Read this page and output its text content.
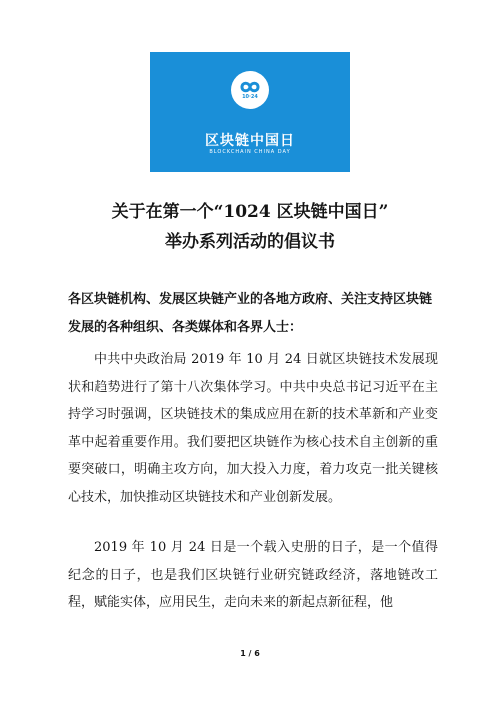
10·24
区块链中国日
BLOCKCHAIN CHINA DAY
关于在第一个“1024 区块链中国日”
举办系列活动的倡议书
各区块链机构、发展区块链产业的各地方政府、关注支持区块链发展的各种组织、各类媒体和各界人士：
中共中央政治局 2019 年 10 月 24 日就区块链技术发展现状和趋势进行了第十八次集体学习。中共中央总书记习近平在主持学习时强调，区块链技术的集成应用在新的技术革新和产业变革中起着重要作用。我们要把区块链作为核心技术自主创新的重要突破口，明确主攻方向，加大投入力度，着力攻克一批关键核心技术，加快推动区块链技术和产业创新发展。
2019 年 10 月 24 日是一个载入史册的日子，是一个值得纪念的日子，也是我们区块链行业研究链政经济，落地链改工程，赋能实体，应用民生，走向未来的新起点新征程，他
1 / 6
